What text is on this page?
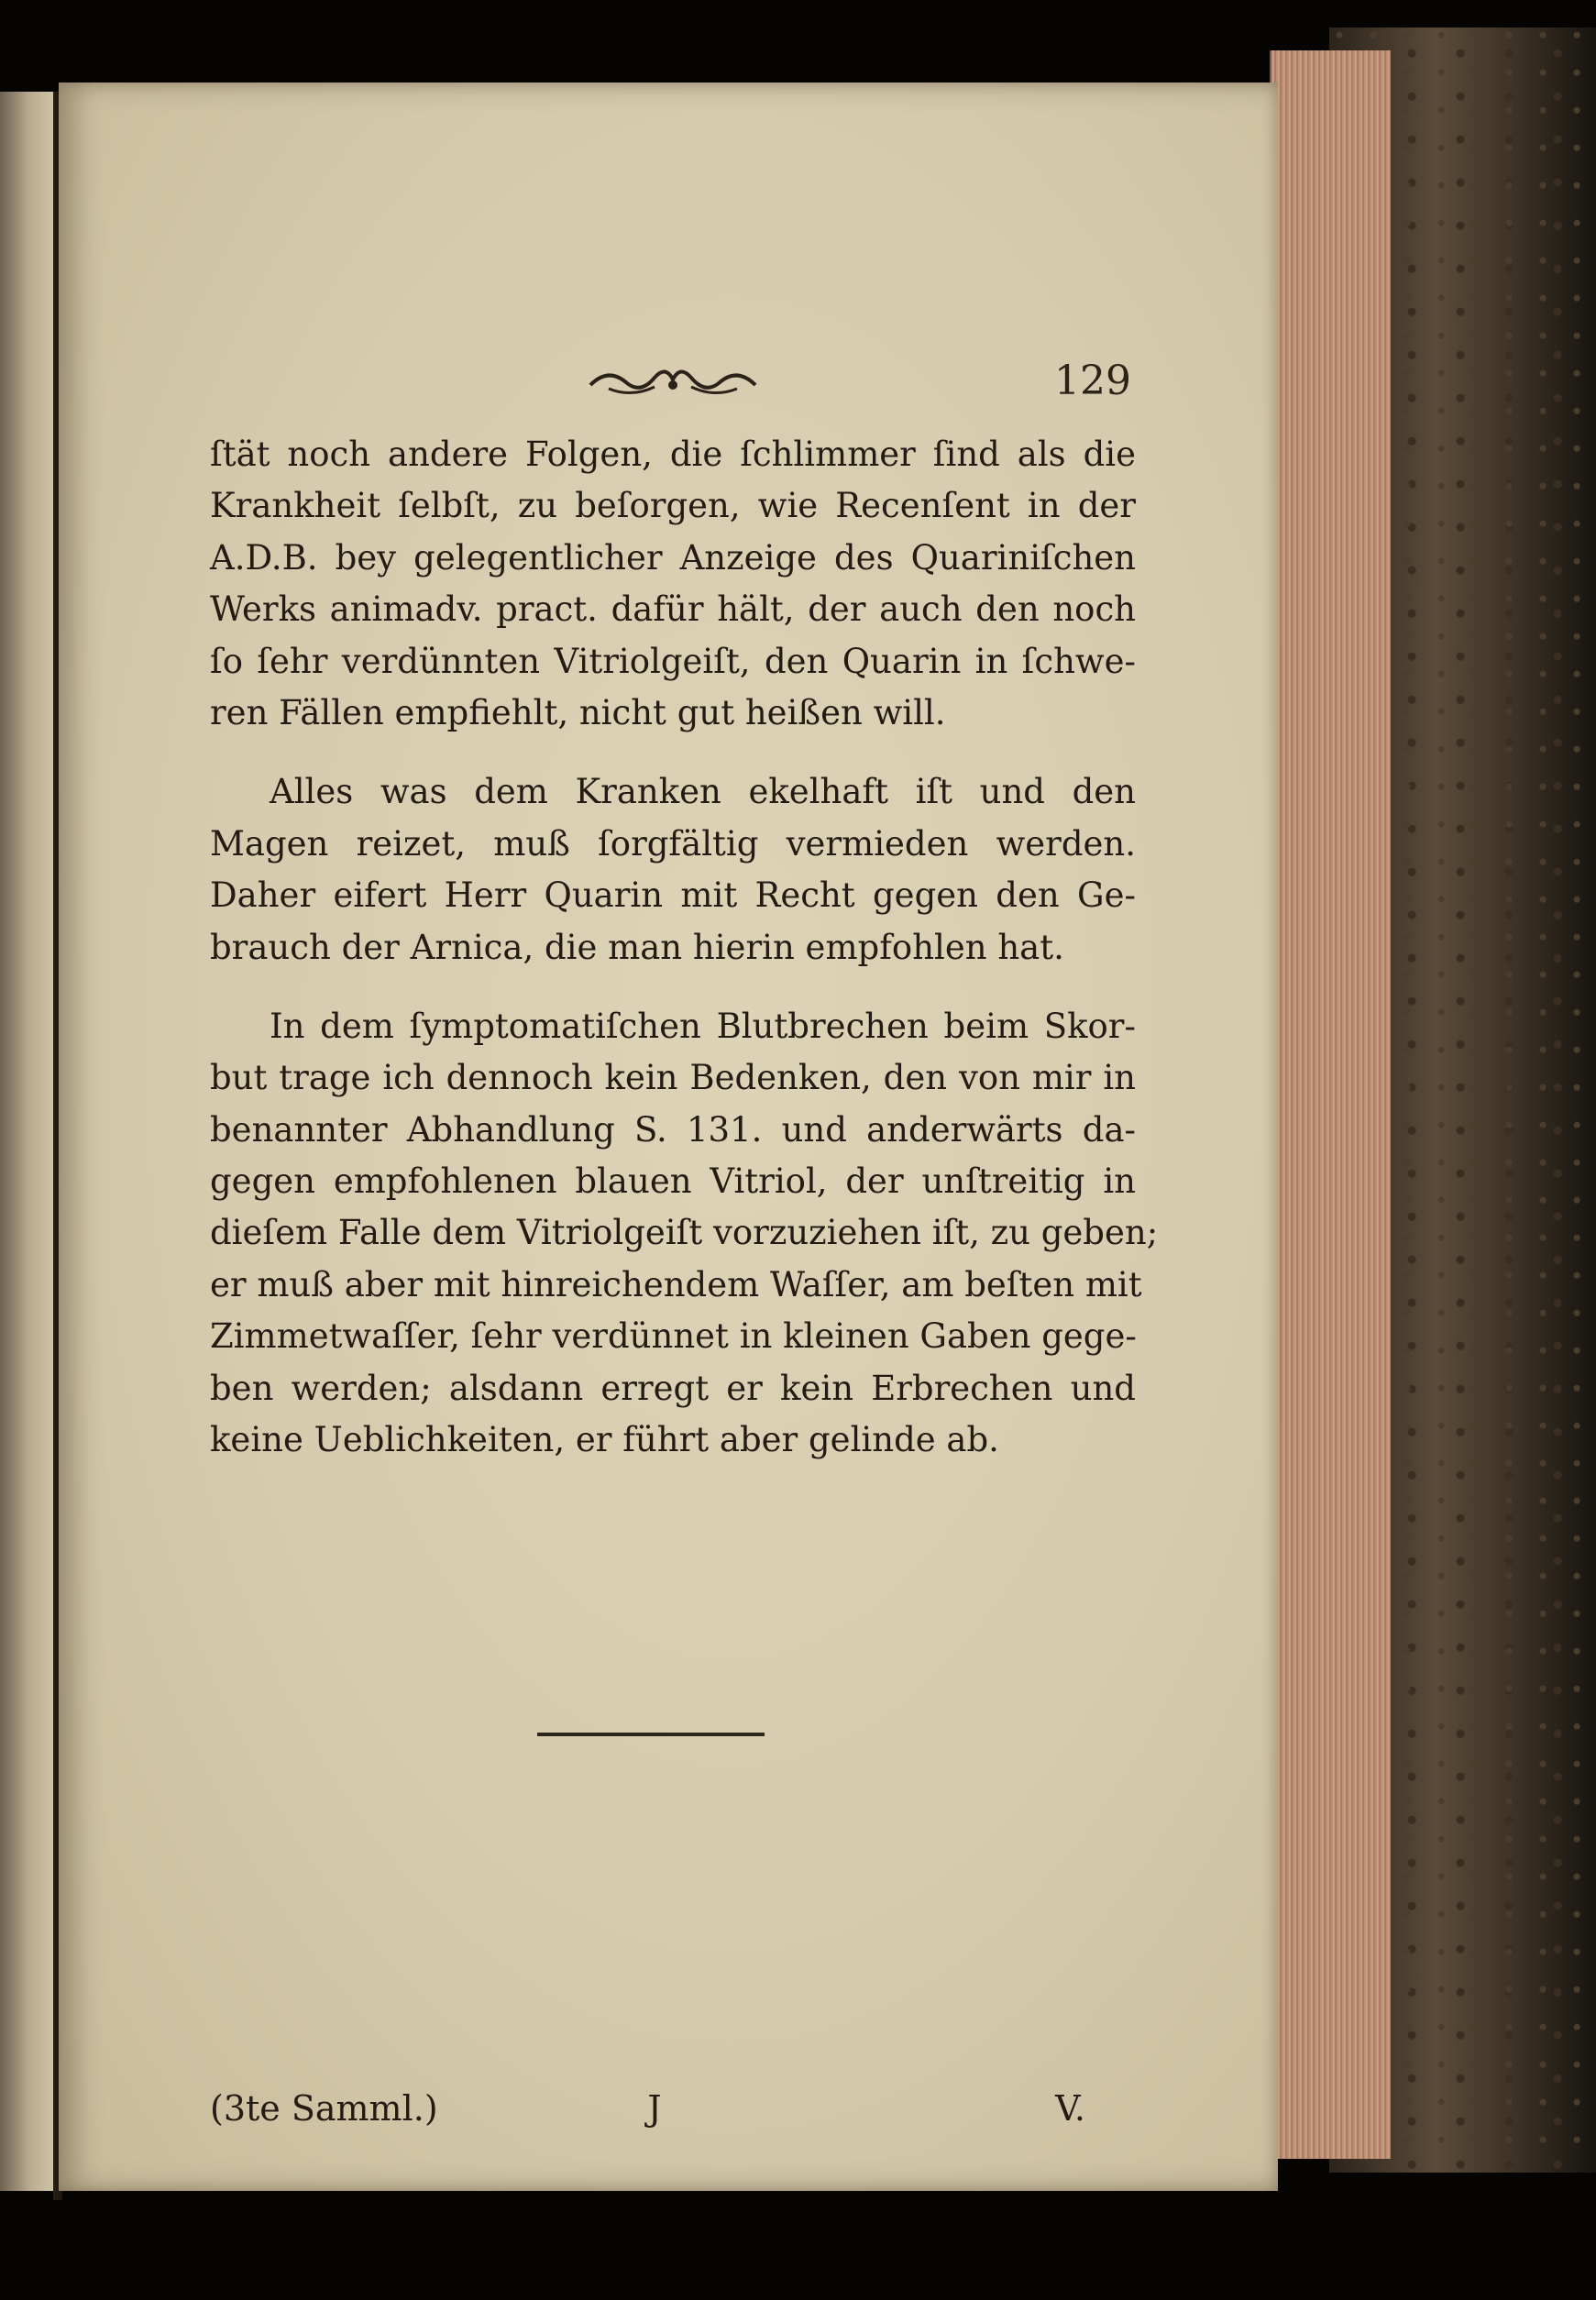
129
ſtät noch andere Folgen, die ſchlimmer ſind als die
Krankheit ſelbſt, zu beſorgen, wie Recenſent in der
A.D.B. bey gelegentlicher Anzeige des Quariniſchen
Werks animadv. pract. dafür hält, der auch den noch
ſo ſehr verdünnten Vitriolgeiſt, den Quarin in ſchwe-
ren Fällen empfiehlt, nicht gut heißen will.
Alles was dem Kranken ekelhaft iſt und den
Magen reizet, muß ſorgfältig vermieden werden.
Daher eifert Herr Quarin mit Recht gegen den Ge-
brauch der Arnica, die man hierin empfohlen hat.
In dem ſymptomatiſchen Blutbrechen beim Skor-
but trage ich dennoch kein Bedenken, den von mir in
benannter Abhandlung S. 131. und anderwärts da-
gegen empfohlenen blauen Vitriol, der unſtreitig in
dieſem Falle dem Vitriolgeiſt vorzuziehen iſt, zu geben;
er muß aber mit hinreichendem Waſſer, am beſten mit
Zimmetwaſſer, ſehr verdünnet in kleinen Gaben gege-
ben werden; alsdann erregt er kein Erbrechen und
keine Ueblichkeiten, er führt aber gelinde ab.
(3te Samml.)	J	V.
